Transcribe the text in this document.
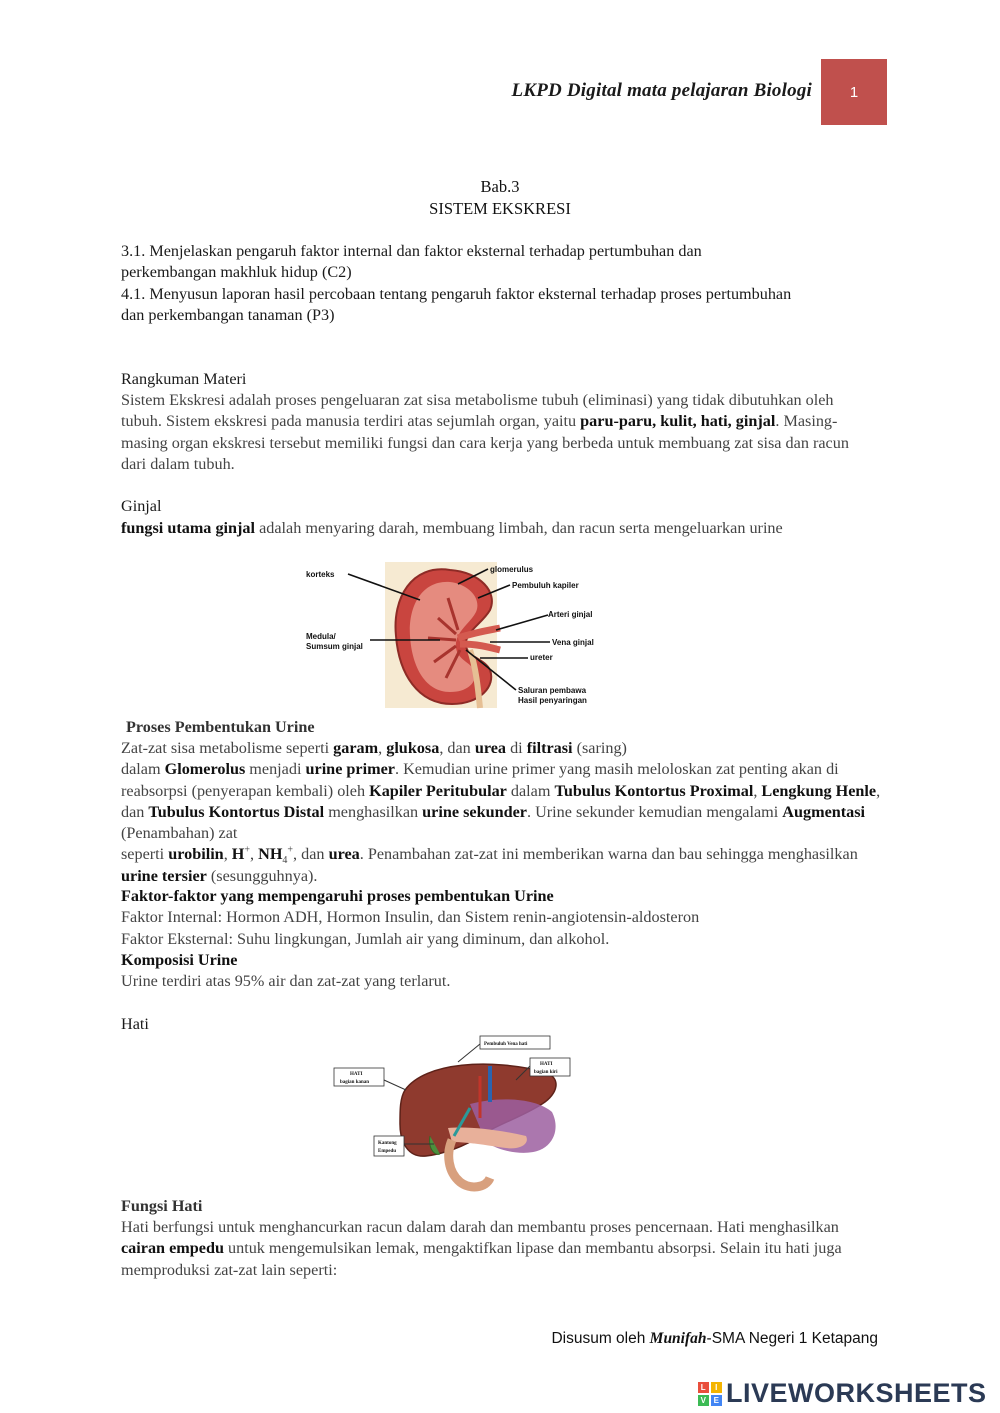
LKPD Digital mata pelajaran Biologi	1
Bab.3
SISTEM EKSKRESI
3.1. Menjelaskan pengaruh faktor internal dan faktor eksternal terhadap pertumbuhan dan perkembangan makhluk hidup (C2)
4.1. Menyusun laporan hasil percobaan tentang pengaruh faktor eksternal terhadap proses pertumbuhan dan perkembangan tanaman (P3)
Rangkuman Materi
Sistem Ekskresi adalah proses pengeluaran zat sisa metabolisme tubuh (eliminasi) yang tidak dibutuhkan oleh tubuh. Sistem ekskresi pada manusia terdiri atas sejumlah organ, yaitu paru-paru, kulit, hati, ginjal. Masing-masing organ ekskresi tersebut memiliki fungsi dan cara kerja yang berbeda untuk membuang zat sisa dan racun dari dalam tubuh.
Ginjal
fungsi utama ginjal adalah menyaring darah, membuang limbah, dan racun serta mengeluarkan urine
korteks
glomerulus
Pembuluh kapiler
Arteri ginjal
Medula/
Sumsum ginjal	Vena ginjal
ureter
Saluran pembawa
Hasil penyaringan
Proses Pembentukan Urine
Zat-zat sisa metabolisme seperti garam, glukosa, dan urea di filtrasi (saring)
dalam Glomerolus menjadi urine primer. Kemudian urine primer yang masih meloloskan zat penting akan di reabsorpsi (penyerapan kembali) oleh Kapiler Peritubular dalam Tubulus Kontortus Proximal, Lengkung Henle, dan Tubulus Kontortus Distal menghasilkan urine sekunder. Urine sekunder kemudian mengalami Augmentasi (Penambahan) zat
seperti urobilin, H+, $NH_4^+$, dan urea. Penambahan zat-zat ini memberikan warna dan bau sehingga menghasilkan urine tersier (sesungguhnya).
Faktor-faktor yang mempengaruhi proses pembentukan Urine
Faktor Internal: Hormon ADH, Hormon Insulin, dan Sistem renin-angiotensin-aldosteron
Faktor Eksternal: Suhu lingkungan, Jumlah air yang diminum, dan alkohol.
Komposisi Urine
Urine terdiri atas 95% air dan zat-zat yang terlarut.
Hati
Pembuluh Vena hati
HATI
bagian kiri
HATI
bagian kanan
Kantong
Empedu
Fungsi Hati
Hati berfungsi untuk menghancurkan racun dalam darah dan membantu proses pencernaan. Hati menghasilkan cairan empedu untuk mengemulsikan lemak, mengaktifkan lipase dan membantu absorpsi. Selain itu hati juga memproduksi zat-zat lain seperti:
Disusum oleh Munifah-SMA Negeri 1 Ketapang
L	I
V E LIVEWORKSHEETS
